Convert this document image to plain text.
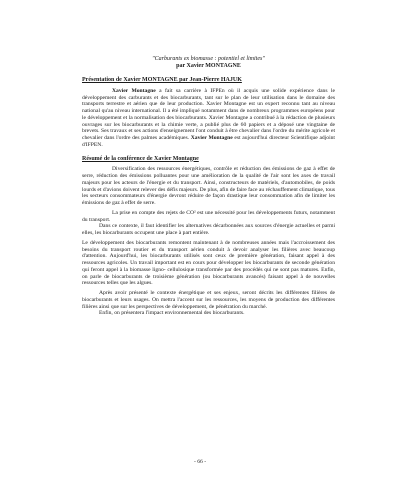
"Carburants ex biomasse : potentiel et limites"
par Xavier MONTAGNE
Présentation de Xavier MONTAGNE par Jean-Pierre HAJUK

Xavier Montagne a fait sa carrière à IFPEn où il acquis une solide expérience dans le développement des carburants et des biocarburants, tant sur le plan de leur utilisation dans le domaine des transports terrestre et aérien que de leur production. Xavier Montagne est un expert reconnu tant au niveau national qu'au niveau international. Il a été impliqué notamment dans de nombreux programmes européens pour le développement et la normalisation des biocarburants. Xavier Montagne a contribué à la rédaction de plusieurs ouvrages sur les biocarburants et la chimie verte, a publié plus de 60 papiers et a déposé une vingtaine de brevets. Ses travaux et ses actions d'enseignement l'ont conduit à être chevalier dans l'ordre du mérite agricole et chevalier dans l'ordre des palmes académiques. Xavier Montagne est aujourd'hui directeur Scientifique adjoint d'IFPEN.

Résumé de la conférence de Xavier Montagne

Diversification des ressources énergétiques, contrôle et réduction des émissions de gaz à effet de serre, réduction des émissions polluantes pour une amélioration de la qualité de l'air sont les axes de travail majeurs pour les acteurs de l'énergie et du transport. Ainsi, constructeurs de matériels, d'automobiles, de poids lourds et d'avions doivent relever des défis majeurs. De plus, afin de faire face au réchauffement climatique, tous les secteurs consommateurs d'énergie devront réduire de façon drastique leur consommation afin de limiter les émissions de gaz à effet de serre.

La prise en compte des rejets de CO² est une nécessité pour les développements futurs, notamment du transport.

Dans ce contexte, il faut identifier les alternatives décarbonnées aux sources d'énergie actuelles et parmi elles, les biocarburants occupent une place à part entière.

Le développement des biocarburants remontent maintenant à de nombreuses années mais l'accroissement des besoins du transport routier et du transport aérien conduit à devoir analyser les filières avec beaucoup d'attention. Aujourd'hui, les biocarburants utilisés sont ceux de première génération, faisant appel à des ressources agricoles. Un travail important est en cours pour développer les biocarburants de seconde génération qui feront appel à la biomasse ligno- cellulosique transformée par des procédés qui ne sont pas matures. Enfin, on parle de biocarburants de troisième génération (ou biocarburants avancés) faisant appel à de nouvelles ressources telles que les algues.

Après avoir présenté le contexte énergétique et ses enjeux, seront décrits les différentes filières de biocarburants et leurs usages. On mettra l'accent sur les ressources, les moyens de production des différentes filières ainsi que sur les perspectives de développement, de pénétration du marché.

Enfin, on présentera l'impact environnemental des biocarburants.

- 66 -
